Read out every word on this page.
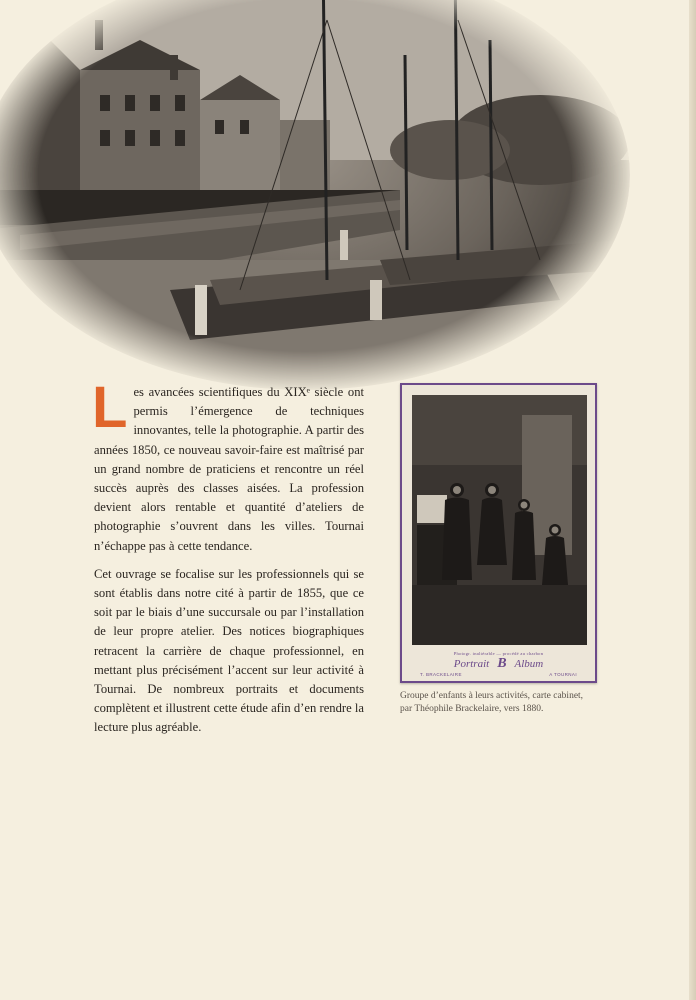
Les avancées scientifiques du XIXᵉ siècle ont permis l’émergence de techniques innovantes, telle la photographie. A partir des années 1850, ce nouveau savoir-faire est maîtrisé par un grand nombre de praticiens et rencontre un réel succès auprès des classes aisées. La profession devient alors rentable et quantité d’ateliers de photographie s’ouvrent dans les villes. Tournai n’échappe pas à cette tendance.

Cet ouvrage se focalise sur les professionnels qui se sont établis dans notre cité à partir de 1855, que ce soit par le biais d’une succursale ou par l’installation de leur propre atelier. Des notices biographiques retracent la carrière de chaque professionnel, en mettant plus précisément l’accent sur leur activité à Tournai. De nombreux portraits et documents complètent et illustrent cette étude afin d’en rendre la lecture plus agréable.

Photogr. inaltérable — procédé au charbon
Portrait B Album
T. BRACKELAIRE	A TOURNAI
Groupe d’enfants à leurs activités, carte cabinet,
par Théophile Brackelaire, vers 1880.
